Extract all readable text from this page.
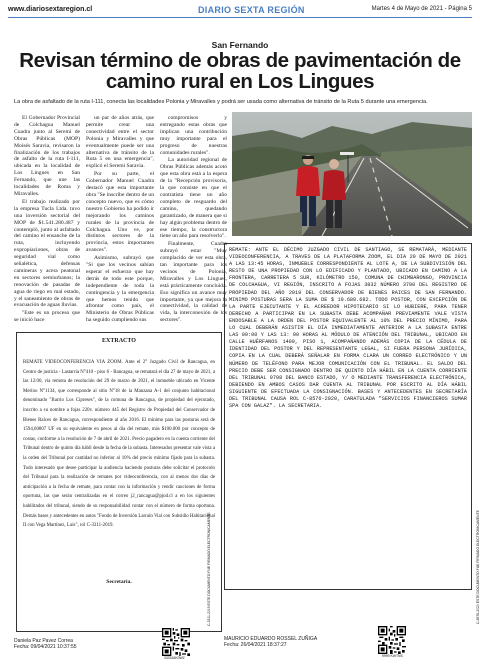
www.diariosextaregion.cl	DIARIO SEXTA REGIÓN	Martes 4 de Mayo de 2021 - Página 5
San Fernando
Revisan término de obras de pavimentación de camino rural en Los Lingues
La obra de asfaltado de la ruta I-111, conecta las localidades Polonia y Miravalles y podrá ser usada como alternativa de tránsito de la Ruta 5 durante una emergencia.

El Gobernador Provincial de Colchagua Manuel Cuadra junto al Seremi de Obras Públicas (MOP) Moisés Saravia, revisaron la finalización de los trabajos de asfalto de la ruta I-111, ubicada en la localidad de Los Lingues en San Fernando, que une las localidades de Roma y Miravalles.

El trabajo realizado por la empresa Tucla Ltda. tuvo una inversión sectorial del MOP de $1.541.280.487 y contempló, junto al asfaltado del camino el ensanche de la ruta, incluyendo expropiaciones, obras de seguridad vial como señalética, defensas camineras y acera peatonal en sectores semiurbanos; la renovación de pasadas de agua de riego en mal estado, y el saneamiento de obras de evacuación de aguas lluvias.

"Este es un proceso que se inició hace

un par de años atrás, que permite crear una conectividad entre el sector Polonia y Miravalles y que eventualmente puede ser una alternativa de tránsito de la Ruta 5 en una emergencia", explicó el Seremi Saravia.

Por su parte, el Gobernador Manuel Cuadra destacó que esta importante obra "Se inscribe dentro de un concepto nuevo, que es cómo nuestro Gobierno ha podido ir mejorando los caminos rurales de la provincia de Colchagua. Uno ve, por distintos sectores de la provincia, estos importantes avances".

Asimismo, subrayó que "Si que los vecinos sabían esperar el esfuerzo que hay detrás de todo este porque, independiente de toda la contingencia y la emergencia que hemos tenido que afrontar como país, el Ministerio de Obras Públicas ha seguido cumpliendo sus

compromisos y entregando estas obras que implican una contribución muy importante para el progreso de nuestras comunidades rurales".

La autoridad regional de Obras Públicas además acotó que esta obra está a la espera de la "Recepción provisoria, la que consiste en que el contratista tiene un año completo de resguardo del camino, quedando garantizado, de manera que si hay algún problema dentro de ese tiempo, la constructora tiene un año para resolverlo".

Finalmente, Cuadra subrayó estar "Muy complacido de ver esta obra, tan importante para los vecinos de Polonia, Miravalles y Los Lingues, está prácticamente concluida. Eso significa un avance muy importante, ya que mejora la conectividad, la calidad de vida, la interconexión de los sectores".

REMATE: ANTE EL DÉCIMO JUZGADO CIVIL DE SANTIAGO, SE REMATARÁ, MEDIANTE VIDEOCONFERENCIA, A TRAVES DE LA PLATAFORMA ZOOM, EL DIA 20 DE MAYO DE 2021 A LAS 13:45 HORAS, INMUEBLE CORRESPONDIENTE AL LOTE A, DE LA SUBDIVISIÓN DEL RESTO DE UNA PROPIEDAD CON LO EDIFICADO Y PLANTADO, UBICADO EN CAMINO A LA FRONTERA, CARRETERA 5 SUR, KILÓMETRO 150, COMUNA DE CHIMBARONGO, PROVINCIA DE COLCHAGUA, VI REGIÓN, INSCRITO A FOJAS 3832 NÚMERO 3780 DEL REGISTRO DE PROPIEDAD DEL AÑO 2019 DEL CONSERVADOR DE BIENES RAICES DE SAN FERNANDO. MINIMO POSTURAS SERA LA SUMA DE $ 19.688.682. TODO POSTOR, CON EXCEPCIÓN DE LA PARTE EJECUTANTE Y EL ACREEDOR HIPOTECARIO SI LO HUBIERE, PARA TENER DERECHO A PARTICIPAR EN LA SUBASTA DEBE ACOMPAÑAR PREVIAMENTE VALE VISTA ENDOSABLE A LA ORDEN DEL POSTOR EQUIVALENTE AL 10% DEL PRECIO MÍNIMO, PARA LO CUAL DEBERÁN ASISTIR EL DÍA INMEDIATAMENTE ANTERIOR A LA SUBASTA ENTRE LAS 09:00 Y LAS 13: 00 HORAS AL MÓDULO DE ATENCIÓN DEL TRIBUNAL, UBICADO EN CALLE HUÉRFANOS 1409, PISO 1, ACOMPAÑANDO ADEMÁS COPIA DE LA CÉDULA DE IDENTIDAD DEL POSTOR Y DEL REPRESENTANTE LEGAL, SI FUERA PERSONA JURÍDICA, COPIA EN LA CUAL DEBERÁ SEÑALAR EN FORMA CLARA UN CORREO ELECTRÓNICO Y UN NÚMERO DE TELÉFONO PARA MEJOR COMUNICACIÓN CON EL TRIBUNAL. EL SALDO DEL PRECIO DEBE SER CONSIGNADO DENTRO DE QUINTO DÍA HÁBIL EN LA CUENTA CORRIENTE DEL TRIBUNAL 9708 DEL BANCO ESTADO, Y/ O MEDIANTE TRANSFERENCIA ELECTRÓNICA, DEBIENDO EN AMBOS CASOS DAR CUENTA AL TRIBUNAL POR ESCRITO AL DÍA HÁBIL SIGUIENTE DE EFECTUADA LA CONSIGNACIÓN. BASES Y ANTECEDENTES EN SECRETARÍA DEL TRIBUNAL CAUSA ROL C-8576-2020, CARATULADA "SERVICIOS FINANCIEROS SUMAR SPA CON GALAZ". LA SECRETARIA.
EXTRACTO
REMATE VIDEOCONFERENCIA VIA ZOOM. Ante el 2° Juzgado Civil de Rancagua, en Centro de justicia - Lastarria N°410 - piso 6 - Rancagua, se rematará el día 27 de mayo de 2021, a las 12:00, vía remota de resolución del 29 de marzo de 2021, el inmueble ubicado en Vicente Merino N°1134, que corresponde al sitio N°18 de la Manzana A-1 del conjunto habitacional denominado "Barrio Los Cipreses", de la comuna de Rancagua, de propiedad del ejecutado, inscrito a su nombre a fojas 220v. número 445 del Registro de Propiedad del Conservador de Bienes Raíces de Rancagua, correspondiente al año 2016. El mínimo para las posturas será de 1594,60807 UF en su equivalente en pesos al día del remate, más $100.000 por concepto de costas, conforme a la resolución de 7 de abril de 2021. Precio pagadero en la cuenta corriente del Tribunal dentro de quinto día hábil desde la fecha de la subasta. Interesados presentar vale vista a la orden del Tribunal por cantidad no inferior al 10% del precio mínimo fijado para la subasta. Todo interesado que desee participar la audiencia haciendo posturas debe solicitar el protocolo del Tribunal para la realización de remates por videoconferencia, con al menos dos días de anticipación a la fecha de remate, para contar con la información y rendir cauciones de forma oportuna, las que serán centralizadas en el correo j2_rancagua@pjud.cl a en los siguientes habilitados del tribunal, siendo de su responsabilidad contar con el número de forma oportuna. Demás bases y antecedentes en autos "Fondo de Inversión Larraín Vial con Subsidio Habitacional II con Vega Martínez, Luis", rol C-3311-2019.
Secretaria.	C-3311-2019 ESTE DOCUMENTO FUE FIRMADO ELECTRONICAMENTE	C-8576-2020 ESTE DOCUMENTO FUE FIRMADO ELECTRONICAMENTE
Daniela Paz Pavez Correa
Fecha: 09/04/2021 10:37:55
MAURICIO EDUARDO ROSSEL ZUÑIGA
Fecha: 26/04/2021 18:37:27
333316K0WZ	9999 KWTNS
